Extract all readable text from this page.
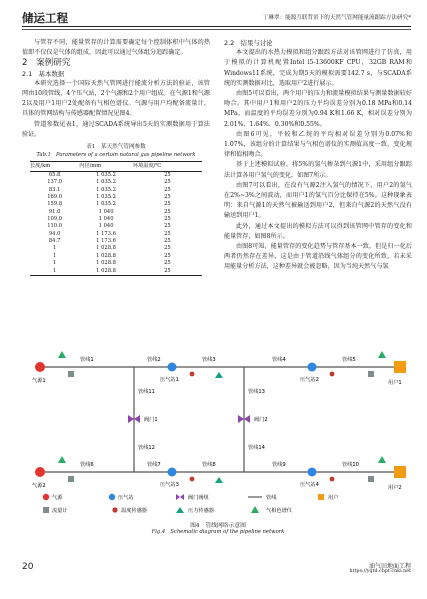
储运工程	丁琳翠：能源互联背景下的天然气管网能量流跟踪方法研究*

与管存不同，能量管存的计算需要确定每个控制体积中气体的热值即不仅仅是气体的组成，因此可以通过气体组分追踪确定。

2　案例研究

2.1　基本数据

本研究选择一个国际天然气管网进行能流分析方法的验证，该管网由10段管线，4个压气站，2个气源和2个用户组成。在气源1和气源2以及用户1用户2处配备有气相色谱仪。气源与用户均配备流量计，具体的管网结构与传感器配置情况见图4。

管道参数见表1，通过SCADA系统导出5天的实测数据用于算法验证。

表1　某天然气管网参数
Tab.1　Parameters of a certain natural gas pipeline network
长度/km	内径/mm	环境温度/℃
65.8	1 035.2	25
137.0	1 035.2	25
83.1	1 035.2	25
169.0	1 035.2	25
159.8	1 035.2	25
91.0	1 040	25
109.0	1 040	25
110.0	1 040	25
94.0	1 173.6	25
84.7	1 173.6	25
1	1 028.8	25
1	1 028.8	25
1	1 028.8	25
1	1 028.8	25

2.2　结果与讨论

本文提出的水热力模拟和组分跟踪方法对该管网进行了仿真，用于模拟的计算机配置Intel i5-13600KF CPU，32GB RAM和Windows11系统，完成为期5天的模拟需要142.7 s，与SCADA系统的实测数据对比，选取用户2进行展示。

由图5可以看出，两个用户的压力和流量模拟结果与测量数据较好吻合。其中用户1和用户2的压力平均误差分别为0.18 MPa和0.14 MPa，而温度的平均误差分别为0.94 K和1.66 K，相对误差分别为2.01%、1.64%、0.30%和0.55%。

由图6可见，平较和乙烷的平均相对误差分别为0.07%和1.07%，该组分的计算结果与气相色谱仪的实测值高度一致，变化规律和值相吻合。

基于上述模拟试验，将5%的氢气掺杂到气源1中，采用组分跟踪法计算各用户氢气的变化，如图7所示。

由图7可以看出，在没有气源2注入氢气的情况下，用户2的氢气在2%~3%之间波动，而用户1的氢气百分比保持在5%。这种现象表明：来自气源1的天然气被输送到用户2，但来自气源2的天然气没有输送到用户1。

此外，通过本文提出的模拟方法可以得到该管网中管存的变化和能量管存，如图8所示。

由图8可知，能量管存的变化趋势与管存基本一致，但是归一化后两者仍然存在差异，这是由于管道沿线气体组分的变化所致，若未采用能量分析方法，这种差异就会被忽略，因为当纯天然气与氢

气源1
气源2
用户1
用户2
压气站1	压气站2
压气站3	压气站4
阀门1	阀门2
管线1	管线2	管线3	管线4	管线5
管线6	管线7	管线8	管线9	管线10
管线11
管线12
管线13
管线14
气源	压气站	阀门阀组	管线	用户
流量计	温度传感器	压力传感器	气相色谱仪
图4　管线网络示意图
Fig.4　Schematic diagram of the pipeline network
20	油气田地面工程
https://yqtd.cbpt.cnki.net
